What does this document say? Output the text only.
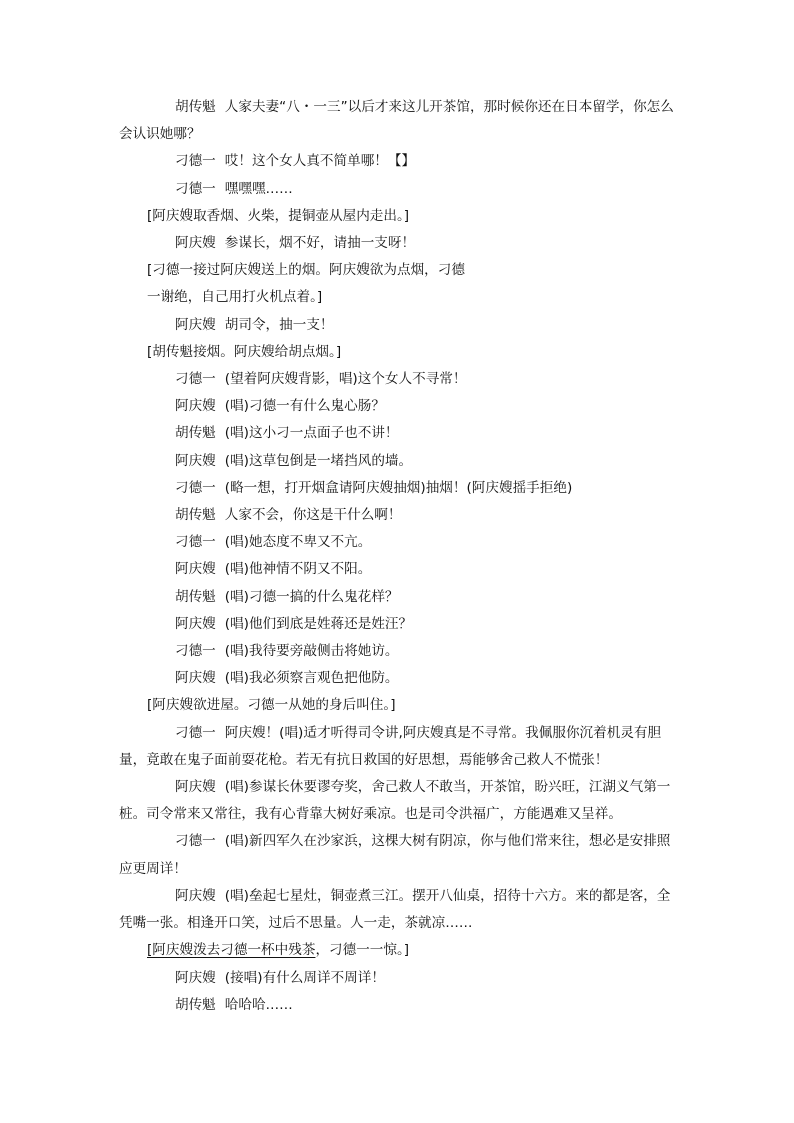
胡传魁 人家夫妻“八・一三”以后才来这儿开茶馆，那时候你还在日本留学，你怎么会认识她哪？

刁德一 哎！这个女人真不简单哪！【】

刁德一 嘿嘿嘿……

[阿庆嫂取香烟、火柴，提铜壶从屋内走出。]

阿庆嫂 参谋长，烟不好，请抽一支呀！

[刁德一接过阿庆嫂送上的烟。阿庆嫂欲为点烟，刁德

一谢绝，自己用打火机点着。]

阿庆嫂 胡司令，抽一支！

[胡传魁接烟。阿庆嫂给胡点烟。]

刁德一 (望着阿庆嫂背影，唱)这个女人不寻常！

阿庆嫂 (唱)刁德一有什么鬼心肠？

胡传魁 (唱)这小刁一点面子也不讲！

阿庆嫂 (唱)这草包倒是一堵挡风的墙。

刁德一 (略一想，打开烟盒请阿庆嫂抽烟)抽烟！(阿庆嫂摇手拒绝)

胡传魁 人家不会，你这是干什么啊！

刁德一 (唱)她态度不卑又不亢。

阿庆嫂 (唱)他神情不阴又不阳。

胡传魁 (唱)刁德一搞的什么鬼花样？

阿庆嫂 (唱)他们到底是姓蒋还是姓汪？

刁德一 (唱)我待要旁敲侧击将她访。

阿庆嫂 (唱)我必须察言观色把他防。

[阿庆嫂欲进屋。刁德一从她的身后叫住。]

刁德一 阿庆嫂！(唱)适才听得司令讲,阿庆嫂真是不寻常。我佩服你沉着机灵有胆量，竟敢在鬼子面前耍花枪。若无有抗日救国的好思想，焉能够舍己救人不慌张！

阿庆嫂 (唱)参谋长休要谬夸奖，舍己救人不敢当，开茶馆，盼兴旺，江湖义气第一桩。司令常来又常往，我有心背靠大树好乘凉。也是司令洪福广，方能遇难又呈祥。

刁德一 (唱)新四军久在沙家浜，这棵大树有阴凉，你与他们常来往，想必是安排照应更周详！

阿庆嫂 (唱)垒起七星灶，铜壶煮三江。摆开八仙桌，招待十六方。来的都是客，全凭嘴一张。相逢开口笑，过后不思量。人一走，茶就凉……

[阿庆嫂泼去刁德一杯中残茶，刁德一一惊。]

阿庆嫂 (接唱)有什么周详不周详！

胡传魁 哈哈哈……
